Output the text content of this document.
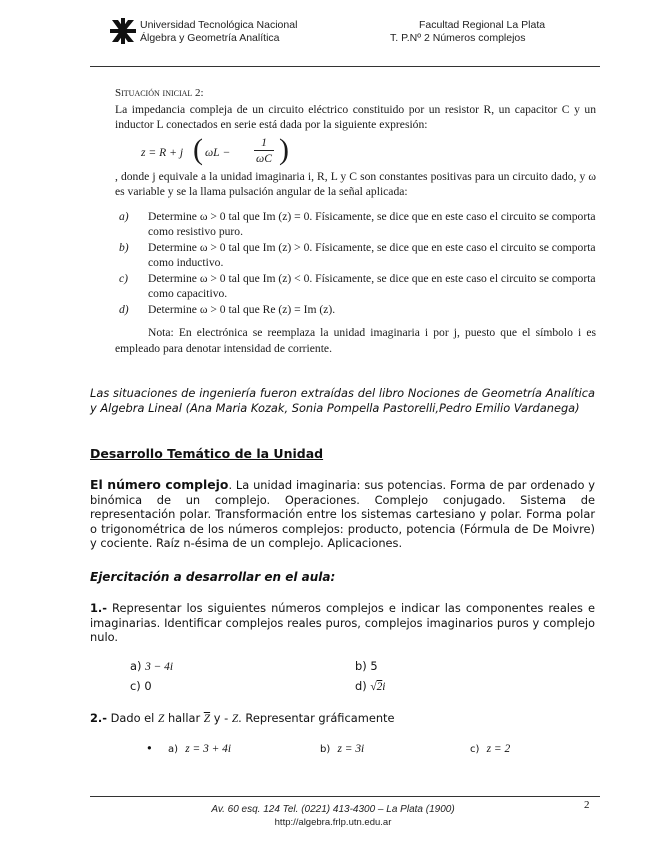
Universidad Tecnológica Nacional
Álgebra y Geometría Analítica
Facultad Regional La Plata
T. P.Nº 2 Números complejos

Situación inicial 2:

La impedancia compleja de un circuito eléctrico constituido por un resistor R, un capacitor C y un inductor L conectados en serie está dada por la siguiente expresión:

z = R + j ( ωL −
1
ωC )

, donde j equivale a la unidad imaginaria i, R, L y C son constantes positivas para un circuito dado, y ω es variable y se la llama pulsación angular de la señal aplicada:

a) Determine ω > 0 tal que Im (z) = 0. Físicamente, se dice que en este caso el circuito se comporta como resistivo puro.
b) Determine ω > 0 tal que Im (z) > 0. Físicamente, se dice que en este caso el circuito se comporta como inductivo.
c) Determine ω > 0 tal que Im (z) < 0. Físicamente, se dice que en este caso el circuito se comporta como capacitivo.
d) Determine ω > 0 tal que Re (z) = Im (z).

Nota: En electrónica se reemplaza la unidad imaginaria i por j, puesto que el símbolo i es empleado para denotar intensidad de corriente.

Las situaciones de ingeniería fueron extraídas del libro Nociones de Geometría Analítica y Algebra Lineal (Ana Maria Kozak, Sonia Pompella Pastorelli,Pedro Emilio Vardanega)
Desarrollo Temático de la Unidad
El número complejo. La unidad imaginaria: sus potencias. Forma de par ordenado y binómica de un complejo. Operaciones. Complejo conjugado. Sistema de representación polar. Transformación entre los sistemas cartesiano y polar. Forma polar o trigonométrica de los números complejos: producto, potencia (Fórmula de De Moivre) y cociente. Raíz n-ésima de un complejo. Aplicaciones.
Ejercitación a desarrollar en el aula:
1.- Representar los siguientes números complejos e indicar las componentes reales e imaginarias. Identificar complejos reales puros, complejos imaginarios puros y complejo nulo.
a) 3 − 4i	b) 5
c) 0	d) √2i
2.- Dado el Z hallar $\overline{Z}$ y - Z. Representar gráficamente
• a) z = 3 + 4i	b) z = 3i	c) z = 2
Av. 60 esq. 124 Tel. (0221) 413-4300 – La Plata (1900)
http://algebra.frlp.utn.edu.ar
2
